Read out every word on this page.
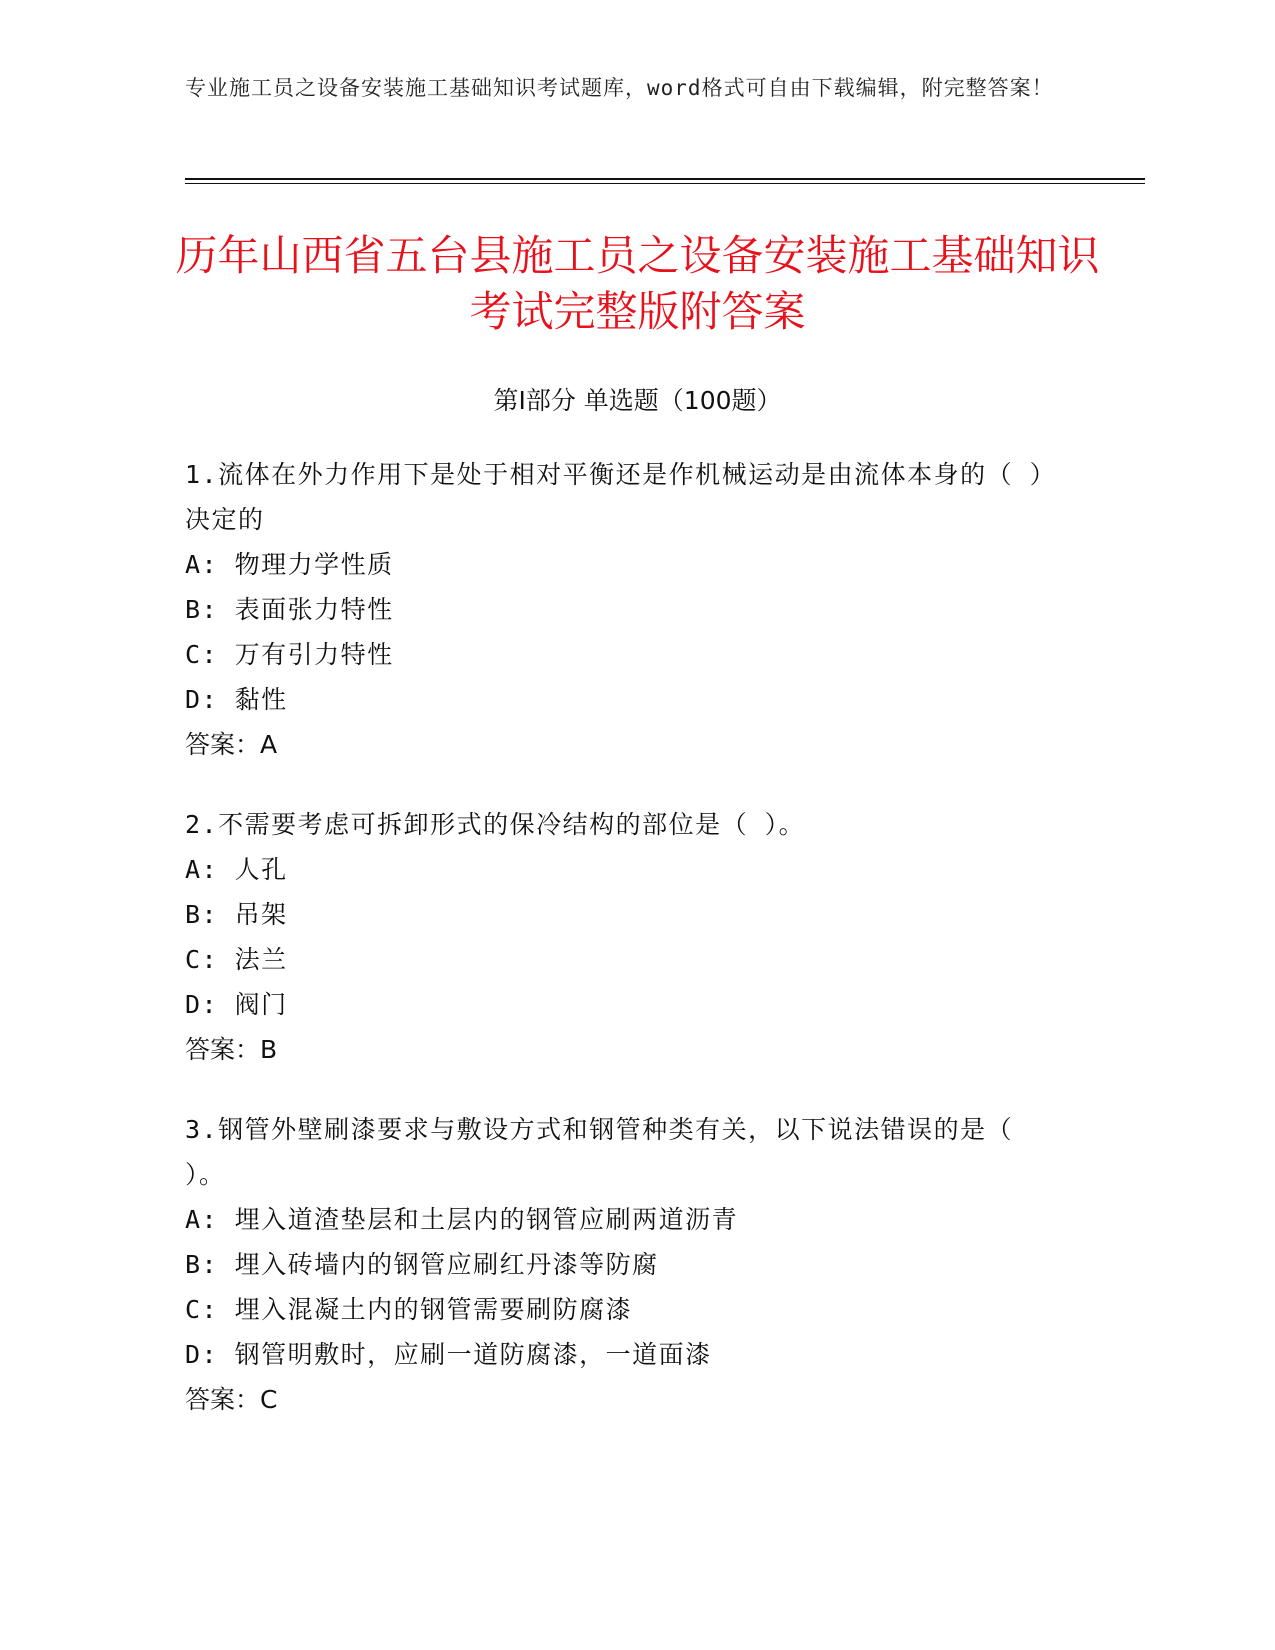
专业施工员之设备安装施工基础知识考试题库，word格式可自由下载编辑，附完整答案！
历年山西省五台县施工员之设备安装施工基础知识考试完整版附答案
第Ⅰ部分 单选题（100题）

1.流体在外力作用下是处于相对平衡还是作机械运动是由流体本身的（ ）决定的

A: 物理力学性质

B: 表面张力特性

C: 万有引力特性

D: 黏性

答案：A

2.不需要考虑可拆卸形式的保冷结构的部位是（ ）。

A: 人孔

B: 吊架

C: 法兰

D: 阀门

答案：B

3.钢管外壁刷漆要求与敷设方式和钢管种类有关，以下说法错误的是（ ）。

A: 埋入道渣垫层和土层内的钢管应刷两道沥青

B: 埋入砖墙内的钢管应刷红丹漆等防腐

C: 埋入混凝土内的钢管需要刷防腐漆

D: 钢管明敷时，应刷一道防腐漆，一道面漆

答案：C
